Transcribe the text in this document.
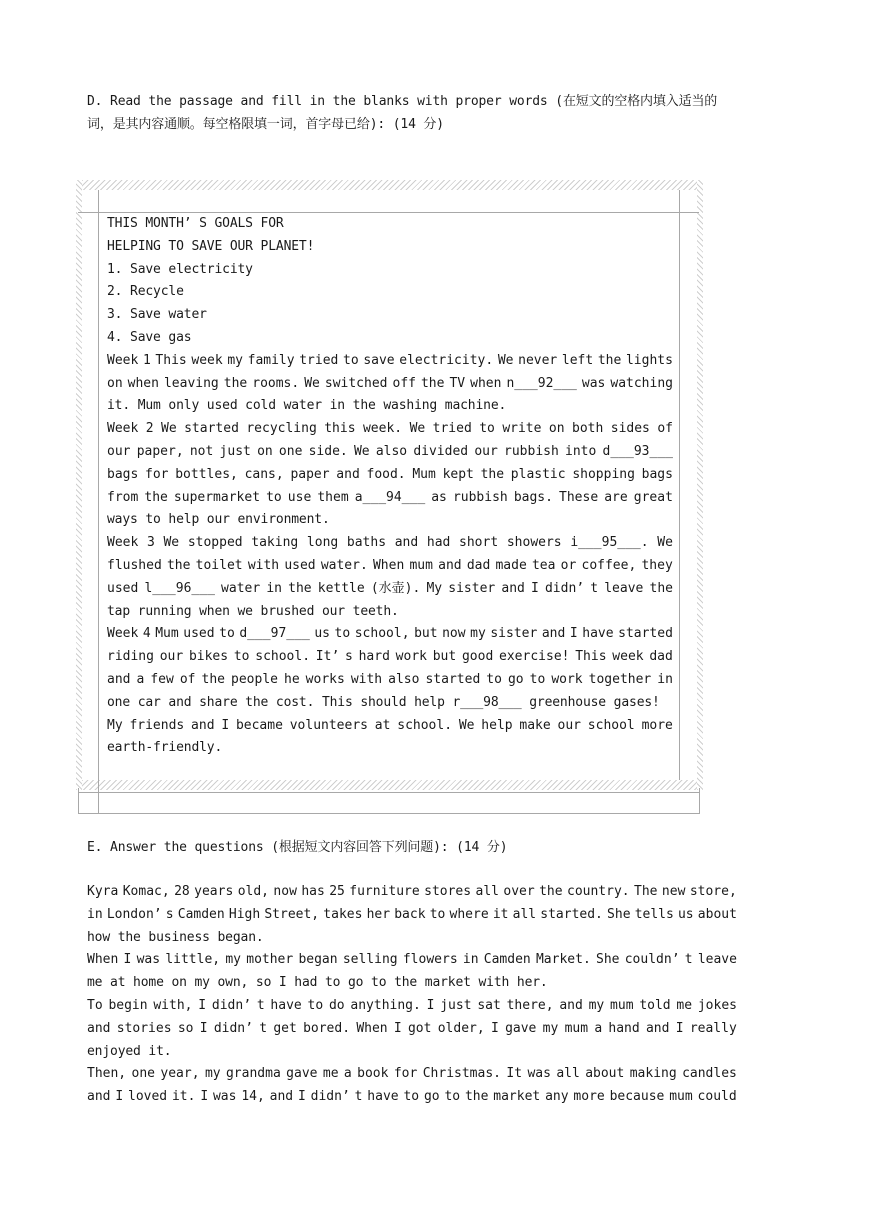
D. Read the passage and fill in the blanks with proper words (在短文的空格内填入适当的
词，是其内容通顺。每空格限填一词，首字母已给): (14 分)
THIS MONTH’ S GOALS FOR
HELPING TO SAVE OUR PLANET!
1. Save electricity
2. Recycle
3. Save water
4. Save gas
Week 1 This week my family tried to save electricity. We never left the lights
on when leaving the rooms. We switched off the TV when n___92___ was watching
it. Mum only used cold water in the washing machine.
Week 2 We started recycling this week. We tried to write on both sides of
our paper, not just on one side. We also divided our rubbish into d___93___
bags for bottles, cans, paper and food. Mum kept the plastic shopping bags
from the supermarket to use them a___94___ as rubbish bags. These are great
ways to help our environment.
Week 3 We stopped taking long baths and had short showers i___95___. We
flushed the toilet with used water. When mum and dad made tea or coffee, they
used l___96___ water in the kettle (水壶). My sister and I didn’ t leave the
tap running when we brushed our teeth.
Week 4 Mum used to d___97___ us to school, but now my sister and I have started
riding our bikes to school. It’ s hard work but good exercise! This week dad
and a few of the people he works with also started to go to work together in
one car and share the cost. This should help r___98___ greenhouse gases!
My friends and I became volunteers at school. We help make our school more
earth-friendly.
E. Answer the questions (根据短文内容回答下列问题): (14 分)
Kyra Komac, 28 years old, now has 25 furniture stores all over the country. The new store,
in London’ s Camden High Street, takes her back to where it all started. She tells us about
how the business began.
When I was little, my mother began selling flowers in Camden Market. She couldn’ t leave
me at home on my own, so I had to go to the market with her.
To begin with, I didn’ t have to do anything. I just sat there, and my mum told me jokes
and stories so I didn’ t get bored. When I got older, I gave my mum a hand and I really
enjoyed it.
Then, one year, my grandma gave me a book for Christmas. It was all about making candles
and I loved it. I was 14, and I didn’ t have to go to the market any more because mum could
